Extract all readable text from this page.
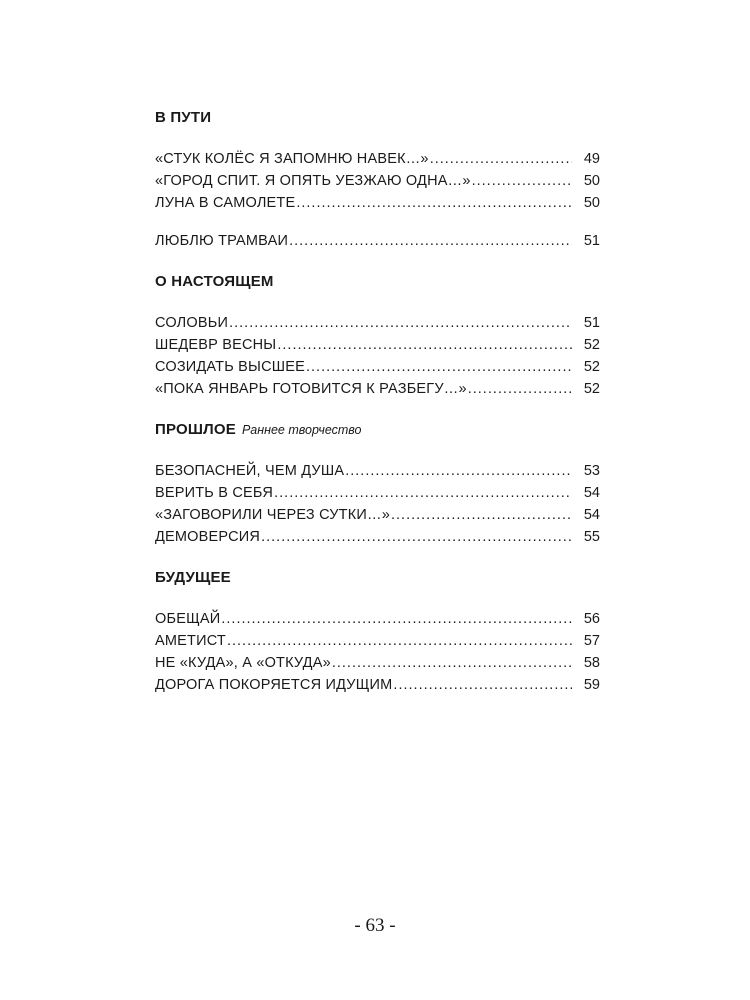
В ПУТИ
«СТУК КОЛЁС Я ЗАПОМНЮ НАВЕК…» .....	49
«ГОРОД СПИТ. Я ОПЯТЬ УЕЗЖАЮ ОДНА…» .....	50
ЛУНА В САМОЛЕТЕ .....	50
ЛЮБЛЮ ТРАМВАИ .....	51
О НАСТОЯЩЕМ
СОЛОВЬИ .....	51
ШЕДЕВР ВЕСНЫ .....	52
СОЗИДАТЬ ВЫСШЕЕ .....	52
«ПОКА ЯНВАРЬ ГОТОВИТСЯ К РАЗБЕГУ…» .....	52
ПРОШЛОЕ Раннее творчество
БЕЗОПАСНЕЙ, ЧЕМ ДУША .....	53
ВЕРИТЬ В СЕБЯ .....	54
«ЗАГОВОРИЛИ ЧЕРЕЗ СУТКИ…» .....	54
ДЕМОВЕРСИЯ .....	55
БУДУЩЕЕ
ОБЕЩАЙ .....	56
АМЕТИСТ .....	57
НЕ «КУДА», А «ОТКУДА» .....	58
ДОРОГА ПОКОРЯЕТСЯ ИДУЩИМ .....	59
- 63 -
